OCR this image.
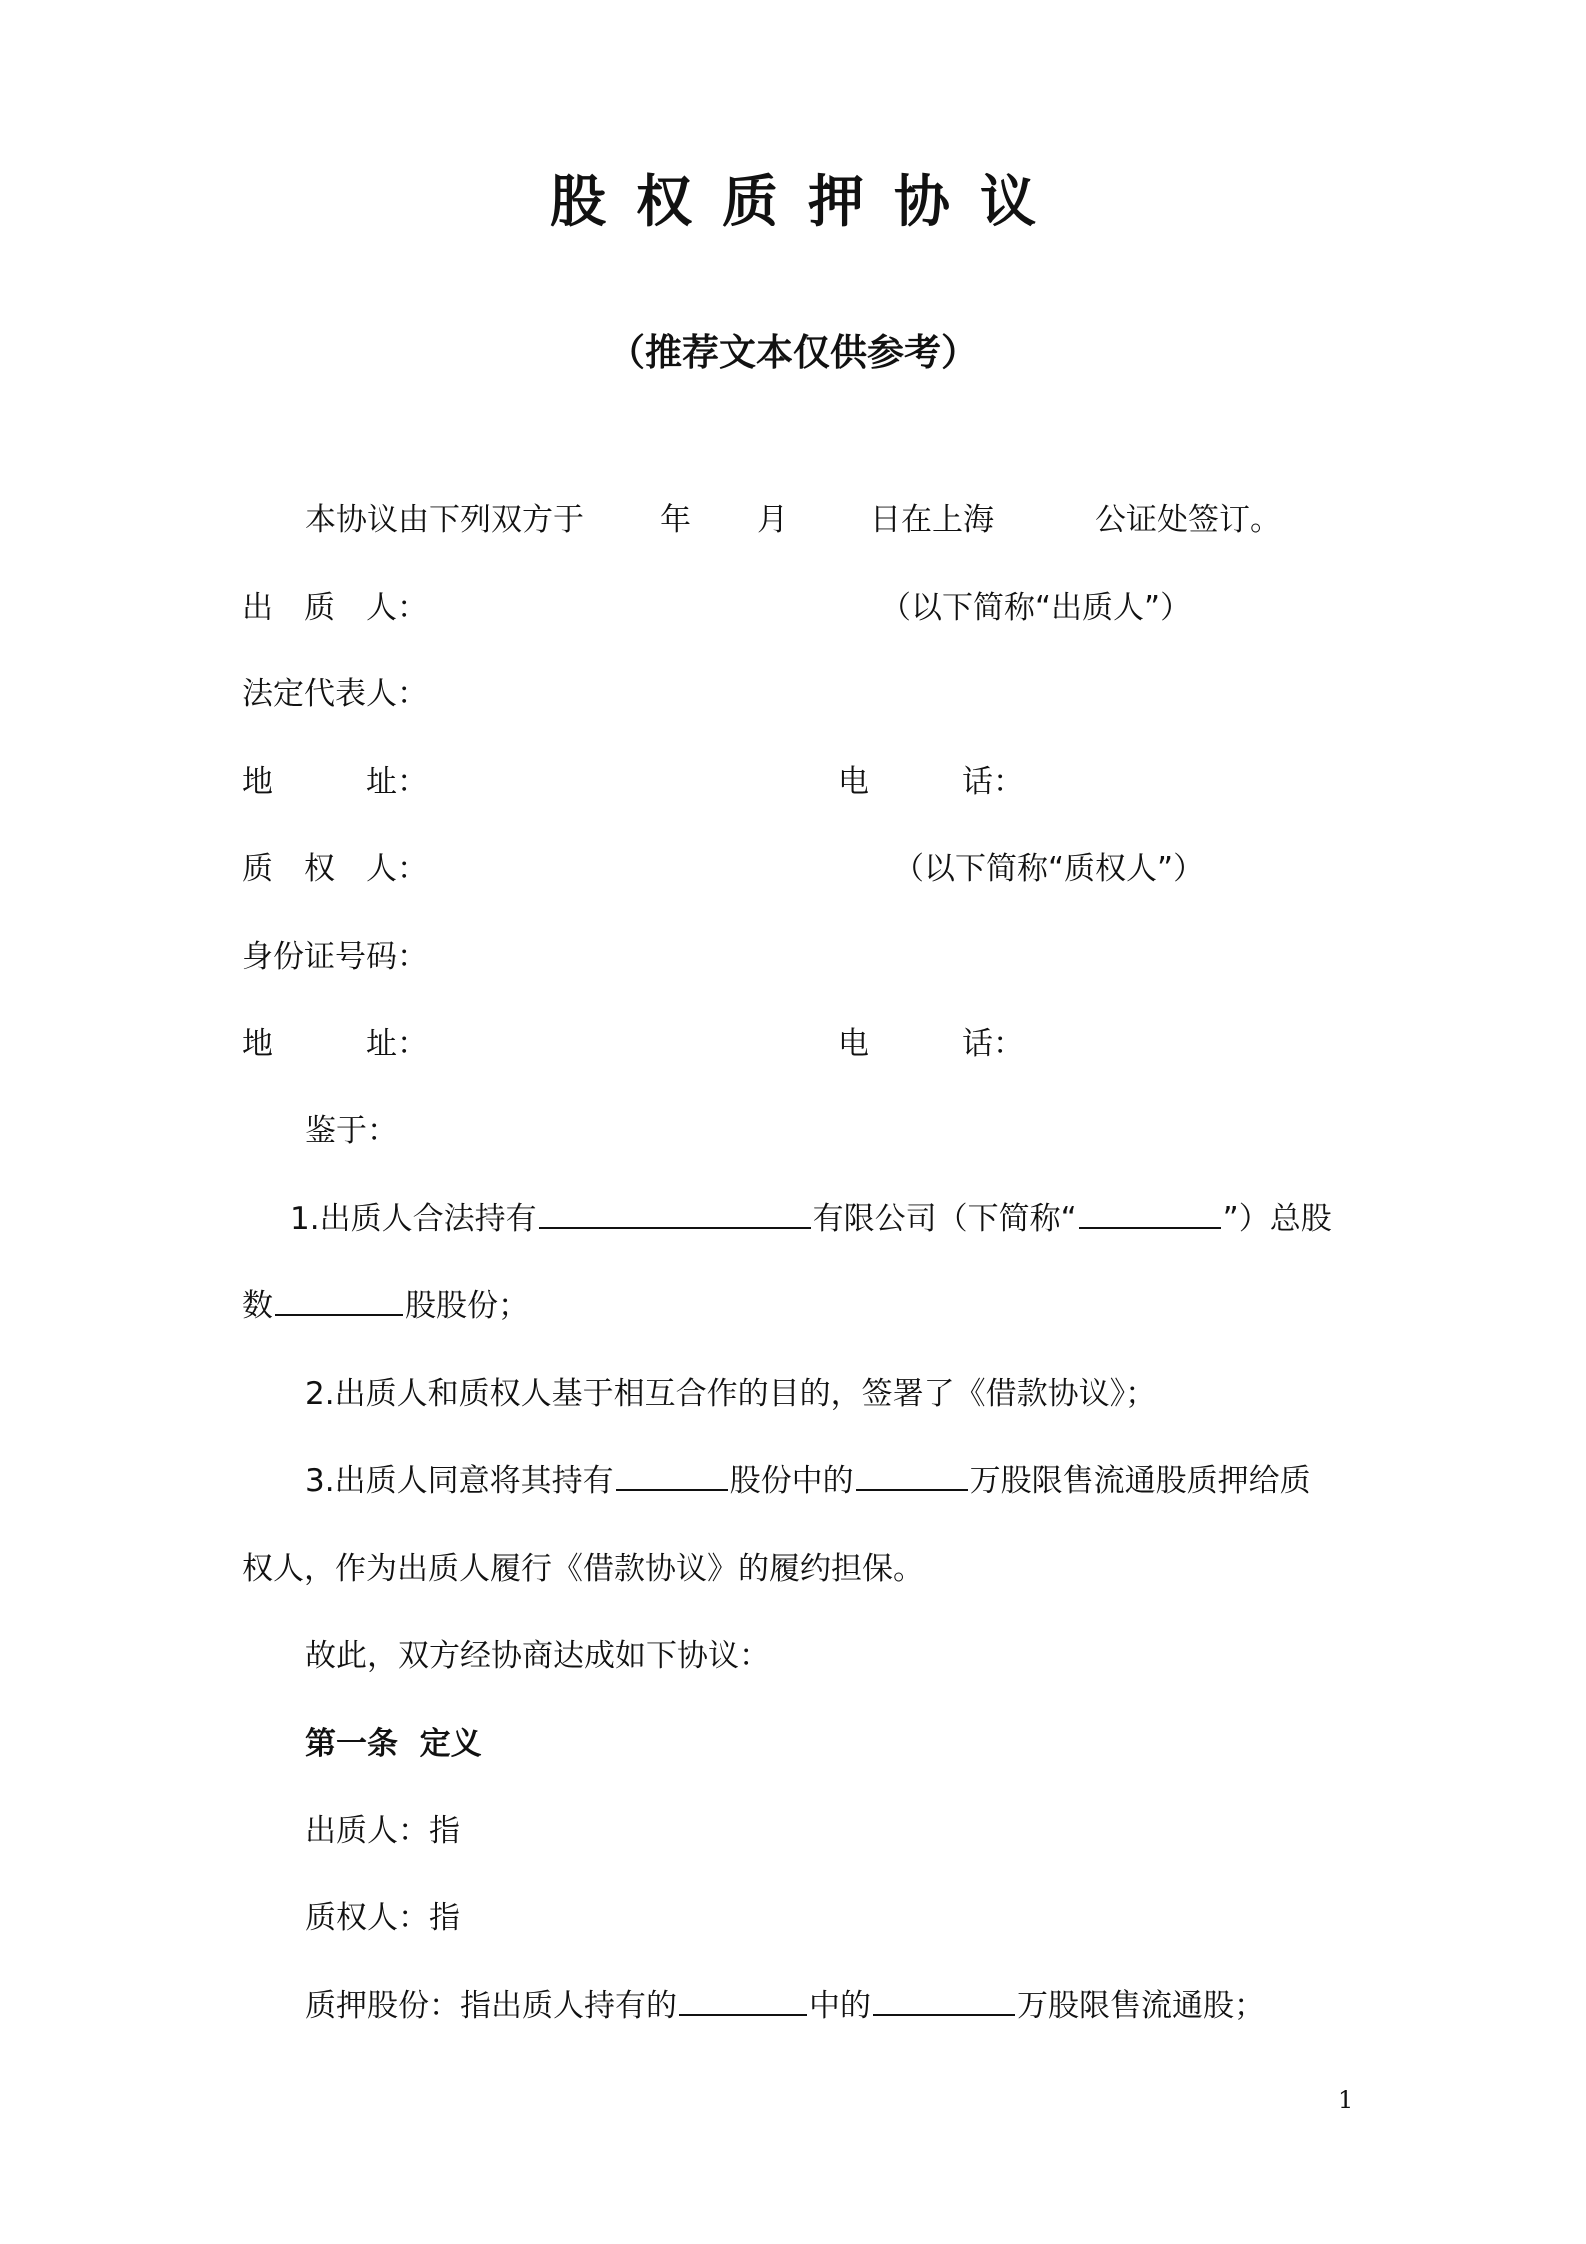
股权质押协议
（推荐文本仅供参考）
本协议由下列双方于 年 月	日在上海	公证处签订。
出　质　人：	（以下简称“出质人”）
法定代表人：
地　　　址：	电　　　话：
质　权　人：	（以下简称“质权人”）
身份证号码：
地　　　址：	电　　　话：
鉴于：
1.出质人合法持有	有限公司（下简称“	”）总股
数	股股份；
2.出质人和质权人基于相互合作的目的，签署了《借款协议》；
3.出质人同意将其持有	股份中的	万股限售流通股质押给质
权人，作为出质人履行《借款协议》的履约担保。
故此，双方经协商达成如下协议：
第一条  定义
出质人：指
质权人：指
质押股份：指出质人持有的	中的	万股限售流通股；
1
